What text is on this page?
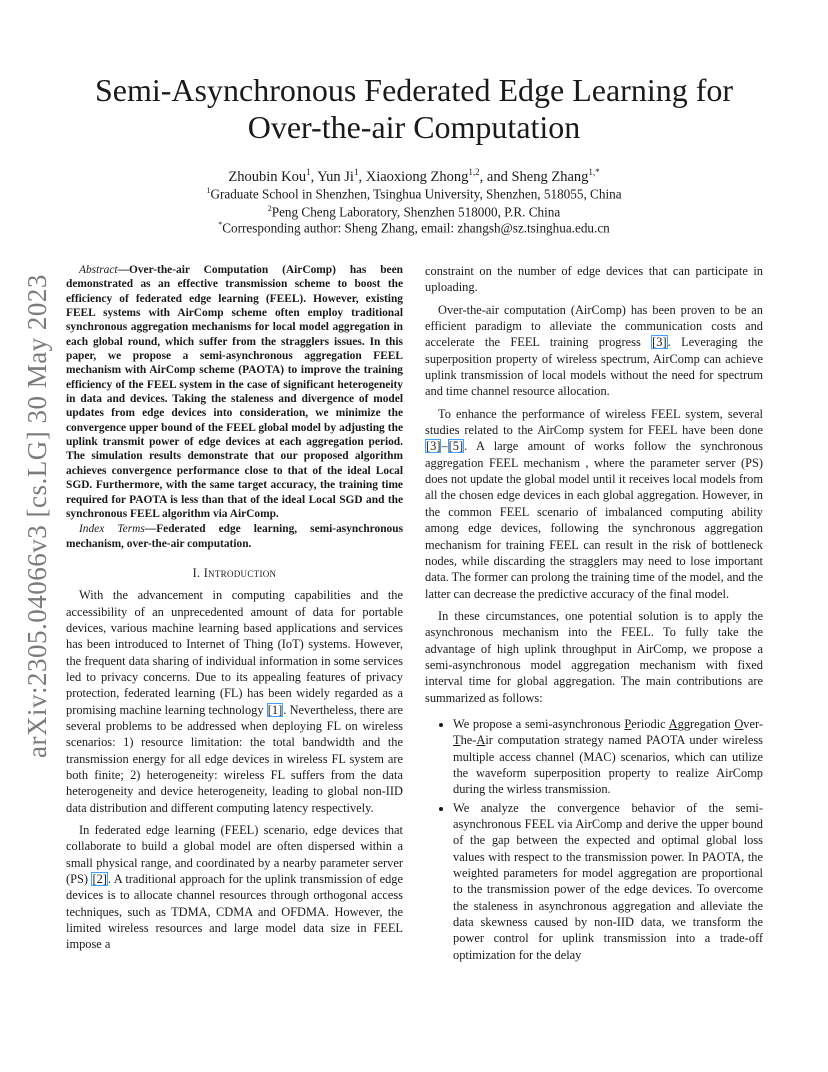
arXiv:2305.04066v3 [cs.LG] 30 May 2023
Semi-Asynchronous Federated Edge Learning for
Over-the-air Computation
Zhoubin Kou$^1$, Yun Ji$^1$, Xiaoxiong Zhong$^{1,2}$, and Sheng Zhang$^{1,*}$
$^1$Graduate School in Shenzhen, Tsinghua University, Shenzhen, 518055, China
$^2$Peng Cheng Laboratory, Shenzhen 518000, P.R. China
*Corresponding author: Sheng Zhang, email: zhangsh@sz.tsinghua.edu.cn

Abstract—Over-the-air Computation (AirComp) has been demonstrated as an effective transmission scheme to boost the efficiency of federated edge learning (FEEL). However, existing FEEL systems with AirComp scheme often employ traditional synchronous aggregation mechanisms for local model aggregation in each global round, which suffer from the stragglers issues. In this paper, we propose a semi-asynchronous aggregation FEEL mechanism with AirComp scheme (PAOTA) to improve the training efficiency of the FEEL system in the case of significant heterogeneity in data and devices. Taking the staleness and divergence of model updates from edge devices into consideration, we minimize the convergence upper bound of the FEEL global model by adjusting the uplink transmit power of edge devices at each aggregation period. The simulation results demonstrate that our proposed algorithm achieves convergence performance close to that of the ideal Local SGD. Furthermore, with the same target accuracy, the training time required for PAOTA is less than that of the ideal Local SGD and the synchronous FEEL algorithm via AirComp.

Index Terms—Federated edge learning, semi-asynchronous mechanism, over-the-air computation.

I. Introduction

With the advancement in computing capabilities and the accessibility of an unprecedented amount of data for portable devices, various machine learning based applications and services has been introduced to Internet of Thing (IoT) systems. However, the frequent data sharing of individual information in some services led to privacy concerns. Due to its appealing features of privacy protection, federated learning (FL) has been widely regarded as a promising machine learning technology [1]. Nevertheless, there are several problems to be addressed when deploying FL on wireless scenarios: 1) resource limitation: the total bandwidth and the transmission energy for all edge devices in wireless FL system are both finite; 2) heterogeneity: wireless FL suffers from the data heterogeneity and device heterogeneity, leading to global non-IID data distribution and different computing latency respectively.

In federated edge learning (FEEL) scenario, edge devices that collaborate to build a global model are often dispersed within a small physical range, and coordinated by a nearby parameter server (PS) [2]. A traditional approach for the uplink transmission of edge devices is to allocate channel resources through orthogonal access techniques, such as TDMA, CDMA and OFDMA. However, the limited wireless resources and large model data size in FEEL impose a

constraint on the number of edge devices that can participate in uploading.

Over-the-air computation (AirComp) has been proven to be an efficient paradigm to alleviate the communication costs and accelerate the FEEL training progress [3]. Leveraging the superposition property of wireless spectrum, AirComp can achieve uplink transmission of local models without the need for spectrum and time channel resource allocation.

To enhance the performance of wireless FEEL system, several studies related to the AirComp system for FEEL have been done [3]–[5]. A large amount of works follow the synchronous aggregation FEEL mechanism , where the parameter server (PS) does not update the global model until it receives local models from all the chosen edge devices in each global aggregation. However, in the common FEEL scenario of imbalanced computing ability among edge devices, following the synchronous aggregation mechanism for training FEEL can result in the risk of bottleneck nodes, while discarding the stragglers may need to lose important data. The former can prolong the training time of the model, and the latter can decrease the predictive accuracy of the final model.

In these circumstances, one potential solution is to apply the asynchronous mechanism into the FEEL. To fully take the advantage of high uplink throughput in AirComp, we propose a semi-asynchronous model aggregation mechanism with fixed interval time for global aggregation. The main contributions are summarized as follows:

• We propose a semi-asynchronous Periodic Aggregation Over-The-Air computation strategy named PAOTA under wireless multiple access channel (MAC) scenarios, which can utilize the waveform superposition property to realize AirComp during the wirless transmission.
• We analyze the convergence behavior of the semi-asynchronous FEEL via AirComp and derive the upper bound of the gap between the expected and optimal global loss values with respect to the transmission power. In PAOTA, the weighted parameters for model aggregation are proportional to the transmission power of the edge devices. To overcome the staleness in asynchronous aggregation and alleviate the data skewness caused by non-IID data, we transform the power control for uplink transmission into a trade-off optimization for the delay
